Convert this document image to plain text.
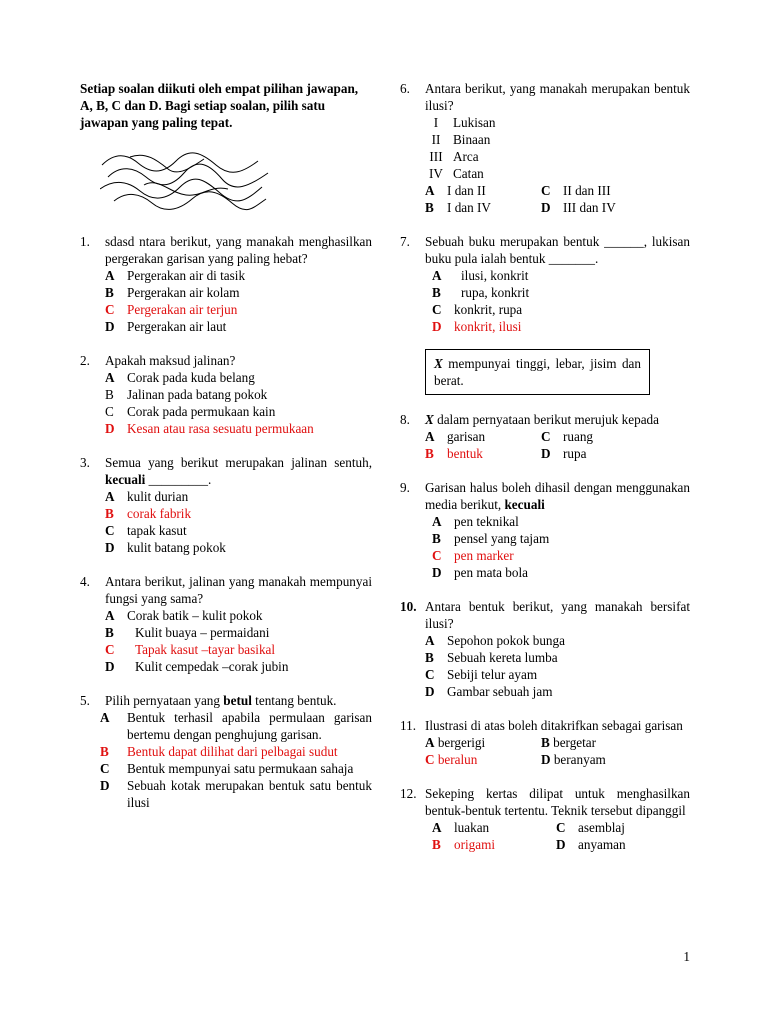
Setiap soalan diikuti oleh empat pilihan jawapan, A, B, C dan D. Bagi setiap soalan, pilih satu jawapan yang paling tepat.
1. sdasd ntara berikut, yang manakah menghasilkan pergerakan garisan yang paling hebat?
A Pergerakan air di tasik
B	Pergerakan air kolam
C Pergerakan air terjun
D Pergerakan air laut
2. Apakah maksud jalinan?
A Corak pada kuda belang
B	Jalinan pada batang pokok
C	Corak pada permukaan kain
D Kesan atau rasa sesuatu permukaan
3. Semua yang berikut merupakan jalinan sentuh, kecuali _________.
A kulit durian
B	corak fabrik
C tapak kasut
D kulit batang pokok
4. Antara berikut, jalinan yang manakah mempunyai fungsi yang sama?
A Corak batik – kulit pokok
B	Kulit buaya – permaidani
C	Tapak kasut –tayar basikal
D	Kulit cempedak –corak jubin
5. Pilih pernyataan yang betul tentang bentuk.
A	Bentuk terhasil apabila permulaan garisan bertemu dengan penghujung garisan.
B	Bentuk dapat dilihat dari pelbagai sudut
C	Bentuk mempunyai satu permukaan sahaja
D	Sebuah kotak merupakan bentuk satu bentuk ilusi
6. Antara berikut, yang manakah merupakan bentuk ilusi?
I	Lukisan
II Binaan
III Arca
IV Catan
A I dan II	C II dan III
B	I dan IV	D III dan IV
7. Sebuah buku merupakan bentuk ______, lukisan buku pula ialah bentuk _______.
A	ilusi, konkrit
B	rupa, konkrit
C konkrit, rupa
D konkrit, ilusi
X mempunyai tinggi, lebar, jisim dan berat.
8. X dalam pernyataan berikut merujuk kepada
A garisan	C ruang
B	bentuk	D rupa
9. Garisan halus boleh dihasil dengan menggunakan media berikut, kecuali
A pen teknikal
B	pensel yang tajam
C pen marker
D pen mata bola
10. Antara bentuk berikut, yang manakah bersifat ilusi?
A Sepohon pokok bunga
B	Sebuah kereta lumba
C Sebiji telur ayam
D Gambar sebuah jam
11. Ilustrasi di atas boleh ditakrifkan sebagai garisan
A bergerigi	B bergetar
C beralun	D beranyam
12. Sekeping kertas dilipat untuk menghasilkan bentuk-bentuk tertentu. Teknik tersebut dipanggil
A luakan	C asemblaj
B	origami	D anyaman
1
